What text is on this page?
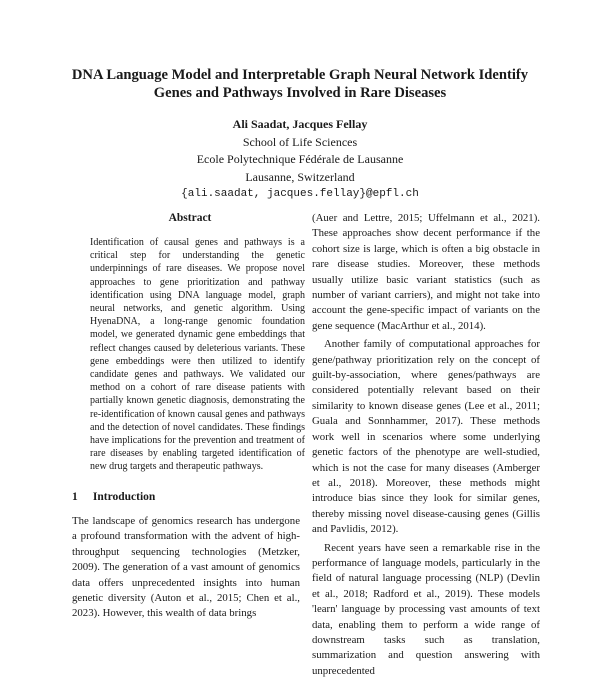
DNA Language Model and Interpretable Graph Neural Network Identify
Genes and Pathways Involved in Rare Diseases
Ali Saadat, Jacques Fellay
School of Life Sciences
Ecole Polytechnique Fédérale de Lausanne
Lausanne, Switzerland
{ali.saadat, jacques.fellay}@epfl.ch
Abstract

Identification of causal genes and pathways is a critical step for understanding the genetic underpinnings of rare diseases. We propose novel approaches to gene prioritization and pathway identification using DNA language model, graph neural networks, and genetic algorithm. Using HyenaDNA, a long-range genomic foundation model, we generated dynamic gene embeddings that reflect changes caused by deleterious variants. These gene embeddings were then utilized to identify candidate genes and pathways. We validated our method on a cohort of rare disease patients with partially known genetic diagnosis, demonstrating the re-identification of known causal genes and pathways and the detection of novel candidates. These findings have implications for the prevention and treatment of rare diseases by enabling targeted identification of new drug targets and therapeutic pathways.

1 Introduction

The landscape of genomics research has undergone a profound transformation with the advent of high-throughput sequencing technologies (Metzker, 2009). The generation of a vast amount of genomics data offers unprecedented insights into human genetic diversity (Auton et al., 2015; Chen et al., 2023). However, this wealth of data brings

(Auer and Lettre, 2015; Uffelmann et al., 2021). These approaches show decent performance if the cohort size is large, which is often a big obstacle in rare disease studies. Moreover, these methods usually utilize basic variant statistics (such as number of variant carriers), and might not take into account the gene-specific impact of variants on the gene sequence (MacArthur et al., 2014).

Another family of computational approaches for gene/pathway prioritization rely on the concept of guilt-by-association, where genes/pathways are considered potentially relevant based on their similarity to known disease genes (Lee et al., 2011; Guala and Sonnhammer, 2017). These methods work well in scenarios where some underlying genetic factors of the phenotype are well-studied, which is not the case for many diseases (Amberger et al., 2018). Moreover, these methods might introduce bias since they look for similar genes, thereby missing novel disease-causing genes (Gillis and Pavlidis, 2012).

Recent years have seen a remarkable rise in the performance of language models, particularly in the field of natural language processing (NLP) (Devlin et al., 2018; Radford et al., 2019). These models 'learn' language by processing vast amounts of text data, enabling them to perform a wide range of downstream tasks such as translation, summarization and question answering with unprecedented
